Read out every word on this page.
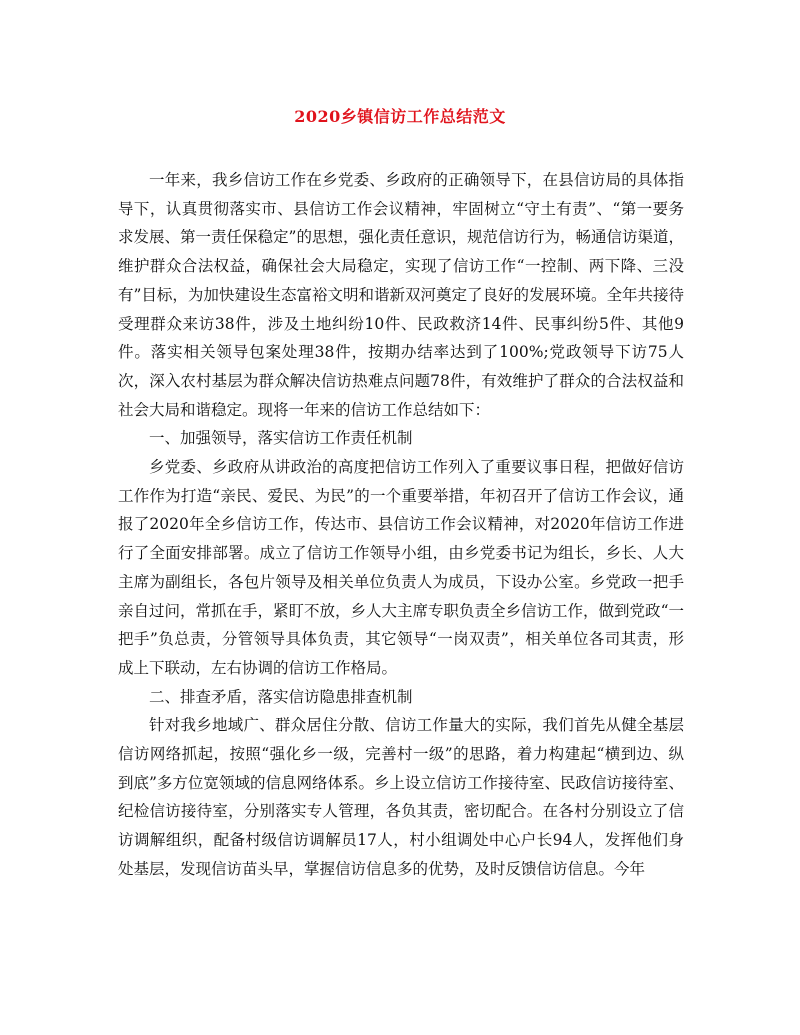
2020乡镇信访工作总结范文

一年来，我乡信访工作在乡党委、乡政府的正确领导下，在县信访局的具体指导下，认真贯彻落实市、县信访工作会议精神，牢固树立“守土有责”、“第一要务求发展、第一责任保稳定”的思想，强化责任意识，规范信访行为，畅通信访渠道，维护群众合法权益，确保社会大局稳定，实现了信访工作“一控制、两下降、三没有”目标，为加快建设生态富裕文明和谐新双河奠定了良好的发展环境。全年共接待受理群众来访38件，涉及土地纠纷10件、民政救济14件、民事纠纷5件、其他9件。落实相关领导包案处理38件，按期办结率达到了100%;党政领导下访75人次，深入农村基层为群众解决信访热难点问题78件，有效维护了群众的合法权益和社会大局和谐稳定。现将一年来的信访工作总结如下：

一、加强领导，落实信访工作责任机制

乡党委、乡政府从讲政治的高度把信访工作列入了重要议事日程，把做好信访工作作为打造“亲民、爱民、为民”的一个重要举措，年初召开了信访工作会议，通报了2020年全乡信访工作，传达市、县信访工作会议精神，对2020年信访工作进行了全面安排部署。成立了信访工作领导小组，由乡党委书记为组长，乡长、人大主席为副组长，各包片领导及相关单位负责人为成员，下设办公室。乡党政一把手亲自过问，常抓在手，紧盯不放，乡人大主席专职负责全乡信访工作，做到党政“一把手”负总责，分管领导具体负责，其它领导“一岗双责”，相关单位各司其责，形成上下联动，左右协调的信访工作格局。

二、排查矛盾，落实信访隐患排查机制

针对我乡地域广、群众居住分散、信访工作量大的实际，我们首先从健全基层信访网络抓起，按照“强化乡一级，完善村一级”的思路，着力构建起“横到边、纵到底”多方位宽领域的信息网络体系。乡上设立信访工作接待室、民政信访接待室、纪检信访接待室，分别落实专人管理，各负其责，密切配合。在各村分别设立了信访调解组织，配备村级信访调解员17人，村小组调处中心户长94人，发挥他们身处基层，发现信访苗头早，掌握信访信息多的优势，及时反馈信访信息。今年
